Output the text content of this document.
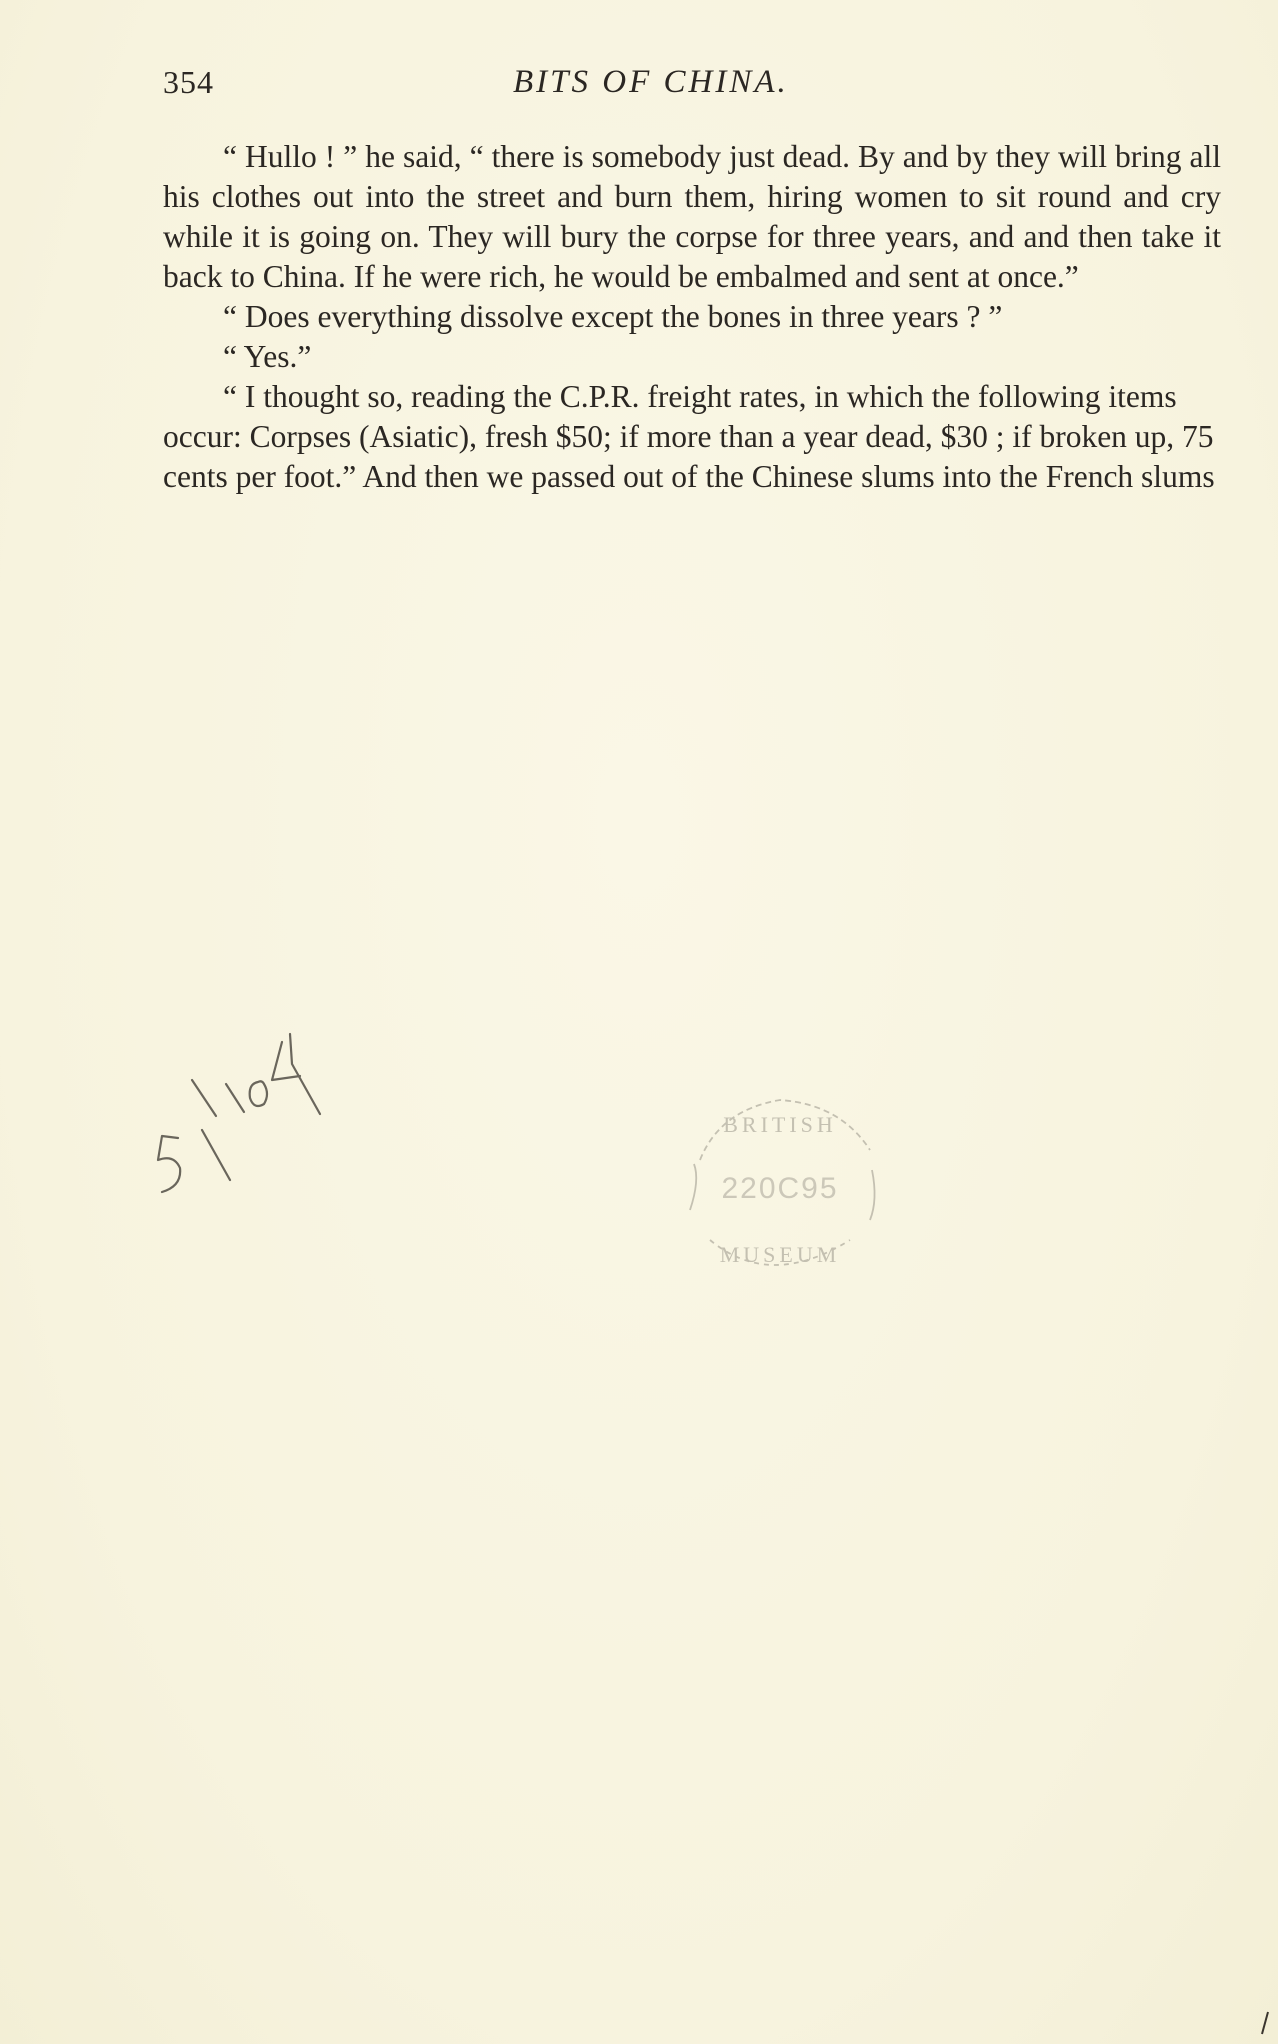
354	BITS OF CHINA.

“ Hullo ! ” he said, “ there is somebody just dead. By and by they will bring all his clothes out into the street and burn them, hiring women to sit round and cry while it is going on. They will bury the corpse for three years, and and then take it back to China. If he were rich, he would be embalmed and sent at once.”

“ Does everything dissolve except the bones in three years ? ”

“ Yes.”

“ I thought so, reading the C.P.R. freight rates, in which the following items occur: Corpses (Asiatic), fresh $50; if more than a year dead, $30 ; if broken up, 75 cents per foot.” And then we passed out of the Chinese slums into the French slums

BRITISH
220C95
MUSEUM
